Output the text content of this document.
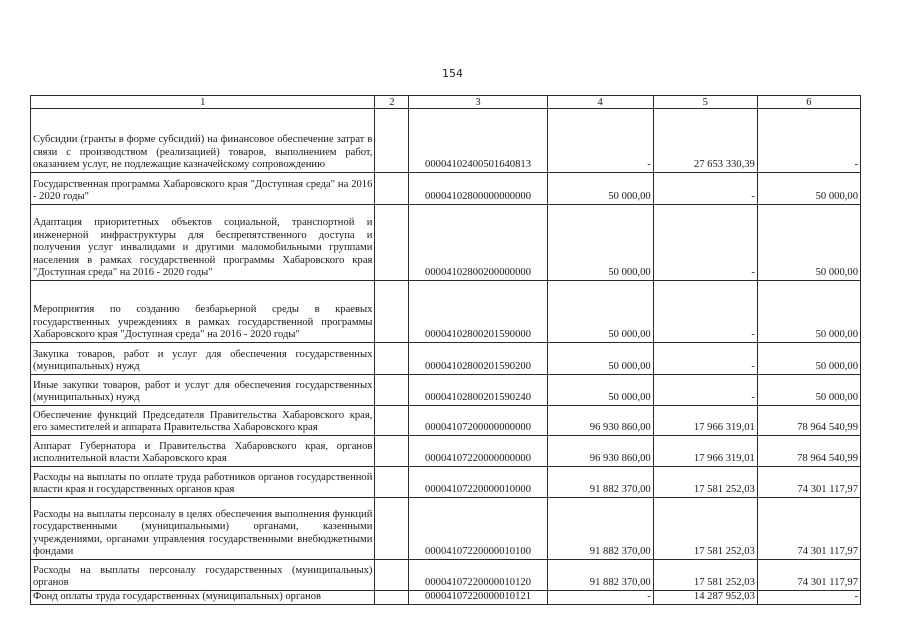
154
1	2	3	4	5	6
Субсидии (гранты в форме субсидий) на финансовое обеспечение затрат в связи с производством (реализацией) товаров, выполнением работ, оказанием услуг, не подлежащие казначейскому сопровождению		00004102400501640813	-	27 653 330,39	-
Государственная программа Хабаровского края "Доступная среда" на 2016 - 2020 годы"		00004102800000000000	50 000,00	-	50 000,00
Адаптация приоритетных объектов социальной, транспортной и инженерной инфраструктуры для беспрепятственного доступа и получения услуг инвалидами и другими маломобильными группами населения в рамках государственной программы Хабаровского края "Доступная среда" на 2016 - 2020 годы"		00004102800200000000	50 000,00	-	50 000,00
Мероприятия по созданию безбарьерной среды в краевых государственных учреждениях в рамках государственной программы Хабаровского края "Доступная среда" на 2016 - 2020 годы"		00004102800201590000	50 000,00	-	50 000,00
Закупка товаров, работ и услуг для обеспечения государственных (муниципальных) нужд		00004102800201590200	50 000,00	-	50 000,00
Иные закупки товаров, работ и услуг для обеспечения государственных (муниципальных) нужд		00004102800201590240	50 000,00	-	50 000,00
Обеспечение функций Председателя Правительства Хабаровского края, его заместителей и аппарата Правительства Хабаровского края		00004107200000000000	96 930 860,00	17 966 319,01	78 964 540,99
Аппарат Губернатора и Правительства Хабаровского края, органов исполнительной власти Хабаровского края		00004107220000000000	96 930 860,00	17 966 319,01	78 964 540,99
Расходы на выплаты по оплате труда работников органов государственной власти края и государственных органов края		00004107220000010000	91 882 370,00	17 581 252,03	74 301 117,97
Расходы на выплаты персоналу в целях обеспечения выполнения функций государственными (муниципальными) органами, казенными учреждениями, органами управления государственными внебюджетными фондами		00004107220000010100	91 882 370,00	17 581 252,03	74 301 117,97
Расходы на выплаты персоналу государственных (муниципальных) органов		00004107220000010120	91 882 370,00	17 581 252,03	74 301 117,97
Фонд оплаты труда государственных (муниципальных) органов		00004107220000010121	-	14 287 952,03	-
